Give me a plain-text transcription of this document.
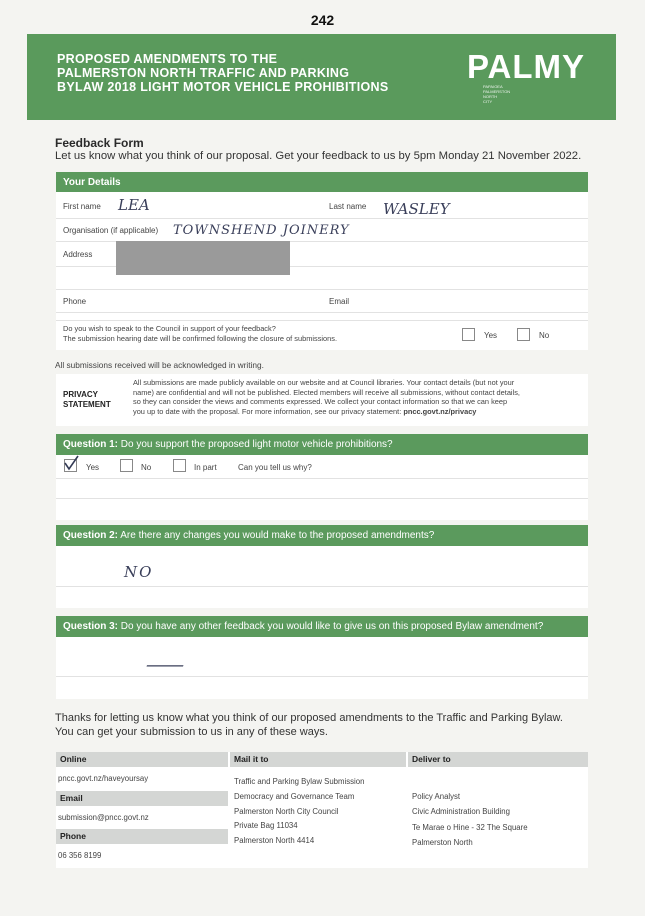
242
PROPOSED AMENDMENTS TO THE
PALMERSTON NORTH TRAFFIC AND PARKING
BYLAW 2018 LIGHT MOTOR VEHICLE PROHIBITIONS
PALMY
PAPAIOEA
PALMERSTON
NORTH
CITY
Feedback Form
Let us know what you think of our proposal. Get your feedback to us by 5pm Monday 21 November 2022.
Your Details
First name LEA	Last name WASLEY
Organisation (if applicable) TOWNSHEND JOINERY
Address
Phone	Email
Do you wish to speak to the Council in support of your feedback?
The submission hearing date will be confirmed following the closure of submissions.	Yes	No
All submissions received will be acknowledged in writing.
PRIVACY
STATEMENT
All submissions are made publicly available on our website and at Council libraries. Your contact details (but not your
name) are confidential and will not be published. Elected members will receive all submissions, without contact details,
so they can consider the views and comments expressed. We collect your contact information so that we can keep
you up to date with the proposal. For more information, see our privacy statement: pncc.govt.nz/privacy
Question 1: Do you support the proposed light motor vehicle prohibitions?
Yes	No	In part	Can you tell us why?
Question 2: Are there any changes you would make to the proposed amendments?
NO
Question 3: Do you have any other feedback you would like to give us on this proposed Bylaw amendment?
—
Thanks for letting us know what you think of our proposed amendments to the Traffic and Parking Bylaw.
You can get your submission to us in any of these ways.
Online
pncc.govt.nz/haveyoursay
Email
submission@pncc.govt.nz
Phone
06 356 8199
Mail it to
Traffic and Parking Bylaw Submission
Democracy and Governance Team
Palmerston North City Council
Private Bag 11034
Palmerston North 4414
Deliver to
Policy Analyst
Civic Administration Building
Te Marae o Hine - 32 The Square
Palmerston North
